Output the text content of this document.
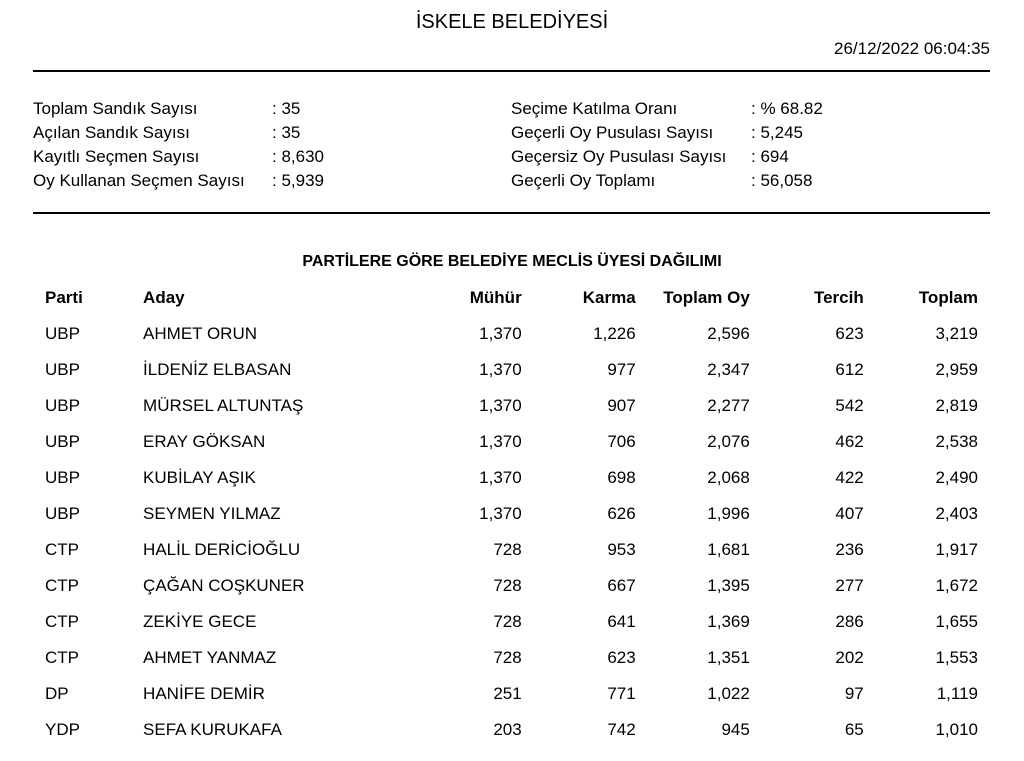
İSKELE BELEDİYESİ
26/12/2022 06:04:35
Toplam Sandık Sayısı	: 35
Açılan Sandık Sayısı	: 35
Kayıtlı Seçmen Sayısı	: 8,630
Oy Kullanan Seçmen Sayısı	: 5,939
Seçime Katılma Oranı	: % 68.82
Geçerli Oy Pusulası Sayısı	: 5,245
Geçersiz Oy Pusulası Sayısı	: 694
Geçerli Oy Toplamı	: 56,058
PARTİLERE GÖRE BELEDİYE MECLİS ÜYESİ DAĞILIMI
Parti	Aday	Mühür	Karma	Toplam Oy	Tercih	Toplam
UBP	AHMET ORUN	1,370	1,226	2,596	623	3,219
UBP	İLDENİZ ELBASAN	1,370	977	2,347	612	2,959
UBP	MÜRSEL ALTUNTAŞ	1,370	907	2,277	542	2,819
UBP	ERAY GÖKSAN	1,370	706	2,076	462	2,538
UBP	KUBİLAY AŞIK	1,370	698	2,068	422	2,490
UBP	SEYMEN YILMAZ	1,370	626	1,996	407	2,403
CTP	HALİL DERİCİOĞLU	728	953	1,681	236	1,917
CTP	ÇAĞAN COŞKUNER	728	667	1,395	277	1,672
CTP	ZEKİYE GECE	728	641	1,369	286	1,655
CTP	AHMET YANMAZ	728	623	1,351	202	1,553
DP	HANİFE DEMİR	251	771	1,022	97	1,119
YDP	SEFA KURUKAFA	203	742	945	65	1,010
